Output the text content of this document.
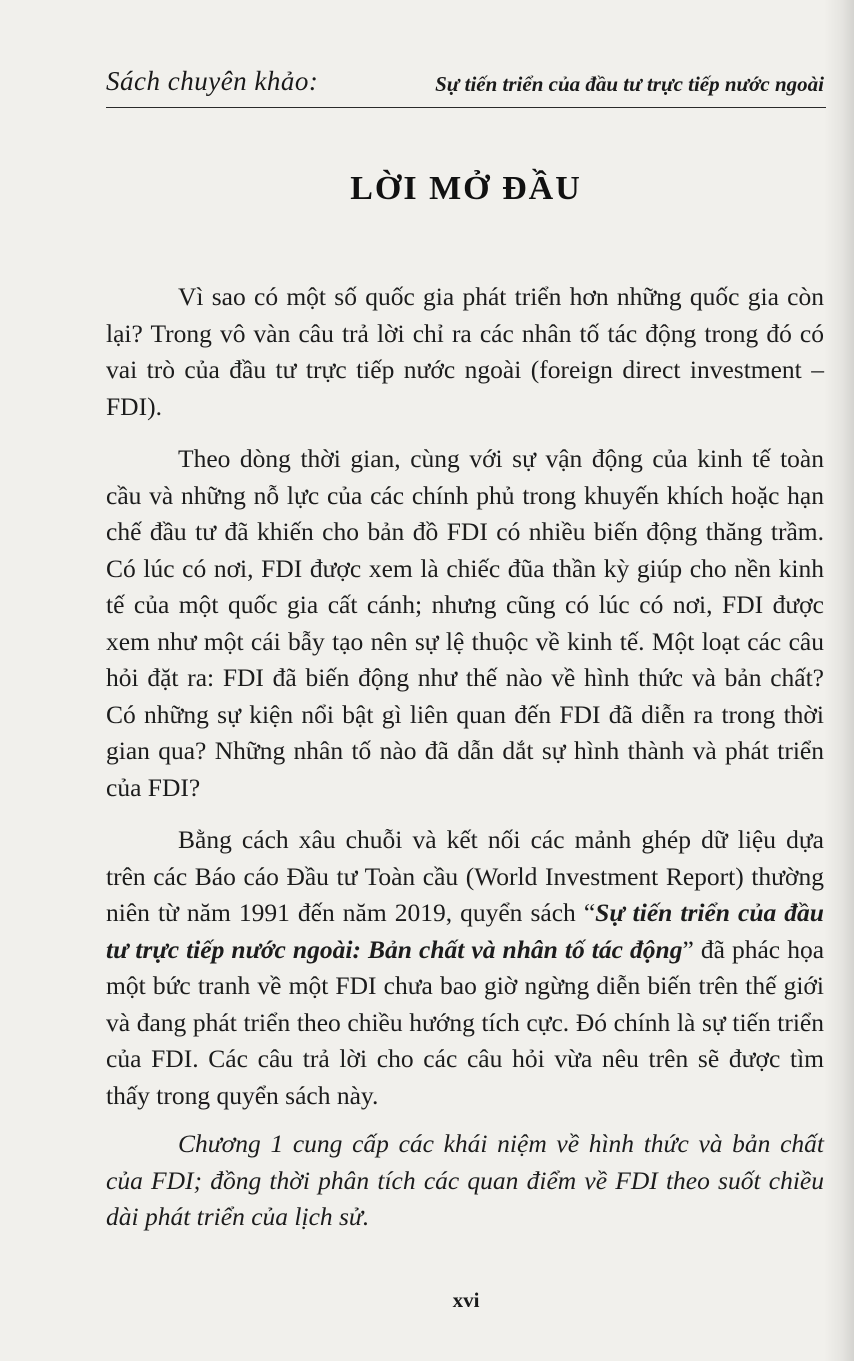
Sách chuyên khảo:	Sự tiến triển của đầu tư trực tiếp nước ngoài
LỜI MỞ ĐẦU

Vì sao có một số quốc gia phát triển hơn những quốc gia còn lại? Trong vô vàn câu trả lời chỉ ra các nhân tố tác động trong đó có vai trò của đầu tư trực tiếp nước ngoài (foreign direct investment – FDI).

Theo dòng thời gian, cùng với sự vận động của kinh tế toàn cầu và những nỗ lực của các chính phủ trong khuyến khích hoặc hạn chế đầu tư đã khiến cho bản đồ FDI có nhiều biến động thăng trầm. Có lúc có nơi, FDI được xem là chiếc đũa thần kỳ giúp cho nền kinh tế của một quốc gia cất cánh; nhưng cũng có lúc có nơi, FDI được xem như một cái bẫy tạo nên sự lệ thuộc về kinh tế. Một loạt các câu hỏi đặt ra: FDI đã biến động như thế nào về hình thức và bản chất? Có những sự kiện nổi bật gì liên quan đến FDI đã diễn ra trong thời gian qua? Những nhân tố nào đã dẫn dắt sự hình thành và phát triển của FDI?

Bằng cách xâu chuỗi và kết nối các mảnh ghép dữ liệu dựa trên các Báo cáo Đầu tư Toàn cầu (World Investment Report) thường niên từ năm 1991 đến năm 2019, quyển sách “Sự tiến triển của đầu tư trực tiếp nước ngoài: Bản chất và nhân tố tác động” đã phác họa một bức tranh về một FDI chưa bao giờ ngừng diễn biến trên thế giới và đang phát triển theo chiều hướng tích cực. Đó chính là sự tiến triển của FDI. Các câu trả lời cho các câu hỏi vừa nêu trên sẽ được tìm thấy trong quyển sách này.

Chương 1 cung cấp các khái niệm về hình thức và bản chất của FDI; đồng thời phân tích các quan điểm về FDI theo suốt chiều dài phát triển của lịch sử.

xvi
